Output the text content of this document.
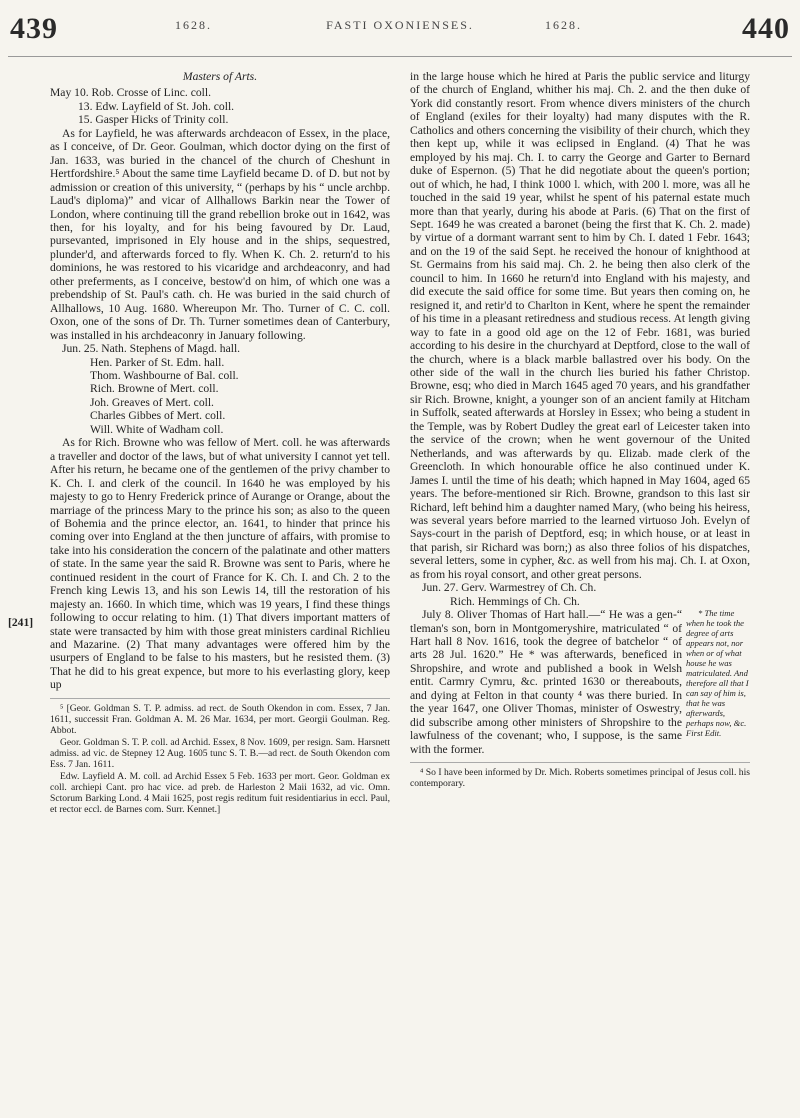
439	1628.	FASTI OXONIENSES.	1628.	440
[241]
Masters of Arts.
May 10. Rob. Crosse of Linc. coll.
13. Edw. Layfield of St. Joh. coll.
15. Gasper Hicks of Trinity coll.

As for Layfield, he was afterwards archdeacon of Essex, in the place, as I conceive, of Dr. Geor. Goulman, which doctor dying on the first of Jan. 1633, was buried in the chancel of the church of Cheshunt in Hertfordshire.⁵ About the same time Layfield became D. of D. but not by admission or creation of this university, “ (perhaps by his “ uncle archbp. Laud's diploma)” and vicar of Allhallows Barkin near the Tower of London, where continuing till the grand rebellion broke out in 1642, was then, for his loyalty, and for his being favoured by Dr. Laud, pursevanted, imprisoned in Ely house and in the ships, sequestred, plunder'd, and afterwards forced to fly. When K. Ch. 2. return'd to his dominions, he was restored to his vicaridge and archdeaconry, and had other preferments, as I conceive, bestow'd on him, of which one was a prebendship of St. Paul's cath. ch. He was buried in the said church of Allhallows, 10 Aug. 1680. Whereupon Mr. Tho. Turner of C. C. coll. Oxon, one of the sons of Dr. Th. Turner sometimes dean of Canterbury, was installed in his archdeaconry in January following.

Jun. 25. Nath. Stephens of Magd. hall.
Hen. Parker of St. Edm. hall.
Thom. Washbourne of Bal. coll.
Rich. Browne of Mert. coll.
Joh. Greaves of Mert. coll.
Charles Gibbes of Mert. coll.
Will. White of Wadham coll.

As for Rich. Browne who was fellow of Mert. coll. he was afterwards a traveller and doctor of the laws, but of what university I cannot yet tell. After his return, he became one of the gentlemen of the privy chamber to K. Ch. I. and clerk of the council. In 1640 he was employed by his majesty to go to Henry Frederick prince of Aurange or Orange, about the marriage of the princess Mary to the prince his son; as also to the queen of Bohemia and the prince elector, an. 1641, to hinder that prince his coming over into England at the then juncture of affairs, with promise to take into his consideration the concern of the palatinate and other matters of state. In the same year the said R. Browne was sent to Paris, where he continued resident in the court of France for K. Ch. I. and Ch. 2 to the French king Lewis 13, and his son Lewis 14, till the restoration of his majesty an. 1660. In which time, which was 19 years, I find these things following to occur relating to him. (1) That divers important matters of state were transacted by him with those great ministers cardinal Richlieu and Mazarine. (2) That many advantages were offered him by the usurpers of England to be false to his masters, but he resisted them. (3) That he did to his great expence, but more to his everlasting glory, keep up

⁵ [Geor. Goldman S. T. P. admiss. ad rect. de South Okendon in com. Essex, 7 Jan. 1611, successit Fran. Goldman A. M. 26 Mar. 1634, per mort. Georgii Goulman. Reg. Abbot.

Geor. Goldman S. T. P. coll. ad Archid. Essex, 8 Nov. 1609, per resign. Sam. Harsnett admiss. ad vic. de Stepney 12 Aug. 1605 tunc S. T. B.—ad rect. de South Okendon com Ess. 7 Jan. 1611.

Edw. Layfield A. M. coll. ad Archid Essex 5 Feb. 1633 per mort. Geor. Goldman ex coll. archiepi Cant. pro hac vice. ad preb. de Harleston 2 Maii 1632, ad vic. Omn. Sctorum Barking Lond. 4 Maii 1625, post regis reditum fuit residentiarius in eccl. Paul, et rector eccl. de Barnes com. Surr. Kennet.]

in the large house which he hired at Paris the public service and liturgy of the church of England, whither his maj. Ch. 2. and the then duke of York did constantly resort. From whence divers ministers of the church of England (exiles for their loyalty) had many disputes with the R. Catholics and others concerning the visibility of their church, which they then kept up, while it was eclipsed in England. (4) That he was employed by his maj. Ch. I. to carry the George and Garter to Bernard duke of Espernon. (5) That he did negotiate about the queen's portion; out of which, he had, I think 1000 l. which, with 200 l. more, was all he touched in the said 19 year, whilst he spent of his paternal estate much more than that yearly, during his abode at Paris. (6) That on the first of Sept. 1649 he was created a baronet (being the first that K. Ch. 2. made) by virtue of a dormant warrant sent to him by Ch. I. dated 1 Febr. 1643; and on the 19 of the said Sept. he received the honour of knighthood at St. Germains from his said maj. Ch. 2. he being then also clerk of the council to him. In 1660 he return'd into England with his majesty, and did execute the said office for some time. But years then coming on, he resigned it, and retir'd to Charlton in Kent, where he spent the remainder of his time in a pleasant retiredness and studious recess. At length giving way to fate in a good old age on the 12 of Febr. 1681, was buried according to his desire in the churchyard at Deptford, close to the wall of the church, where is a black marble ballastred over his body. On the other side of the wall in the church lies buried his father Christop. Browne, esq; who died in March 1645 aged 70 years, and his grandfather sir Rich. Browne, knight, a younger son of an ancient family at Hitcham in Suffolk, seated afterwards at Horsley in Essex; who being a student in the Temple, was by Robert Dudley the great earl of Leicester taken into the service of the crown; when he went governour of the United Netherlands, and was afterwards by qu. Elizab. made clerk of the Greencloth. In which honourable office he also continued under K. James I. until the time of his death; which hapned in May 1604, aged 65 years. The before-mentioned sir Rich. Browne, grandson to this last sir Richard, left behind him a daughter named Mary, (who being his heiress, was several years before married to the learned virtuoso Joh. Evelyn of Says-court in the parish of Deptford, esq; in which house, or at least in that parish, sir Richard was born;) as also three folios of his dispatches, several letters, some in cypher, &c. as well from his maj. Ch. I. at Oxon, as from his royal consort, and other great persons.

Jun. 27. Gerv. Warmestrey of Ch. Ch.
Rich. Hemmings of Ch. Ch.
* The time when he took the degree of arts appears not, nor when or of what house he was matriculated. And therefore all that I can say of him is, that he was afterwards, perhaps now, &c. First Edit.
July 8. Oliver Thomas of Hart hall.—“ He was a gen-“ tleman's son, born in Montgomeryshire, matriculated “ of Hart hall 8 Nov. 1616, took the degree of batchelor “ of arts 28 Jul. 1620.” He * was afterwards, beneficed in Shropshire, and wrote and published a book in Welsh entit. Carmry Cymru, &c. printed 1630 or thereabouts, and dying at Felton in that county ⁴ was there buried. In the year 1647, one Oliver Thomas, minister of Oswestry, did subscribe among other ministers of Shropshire to the lawfulness of the covenant; who, I suppose, is the same with the former.

⁴ So I have been informed by Dr. Mich. Roberts sometimes principal of Jesus coll. his contemporary.
